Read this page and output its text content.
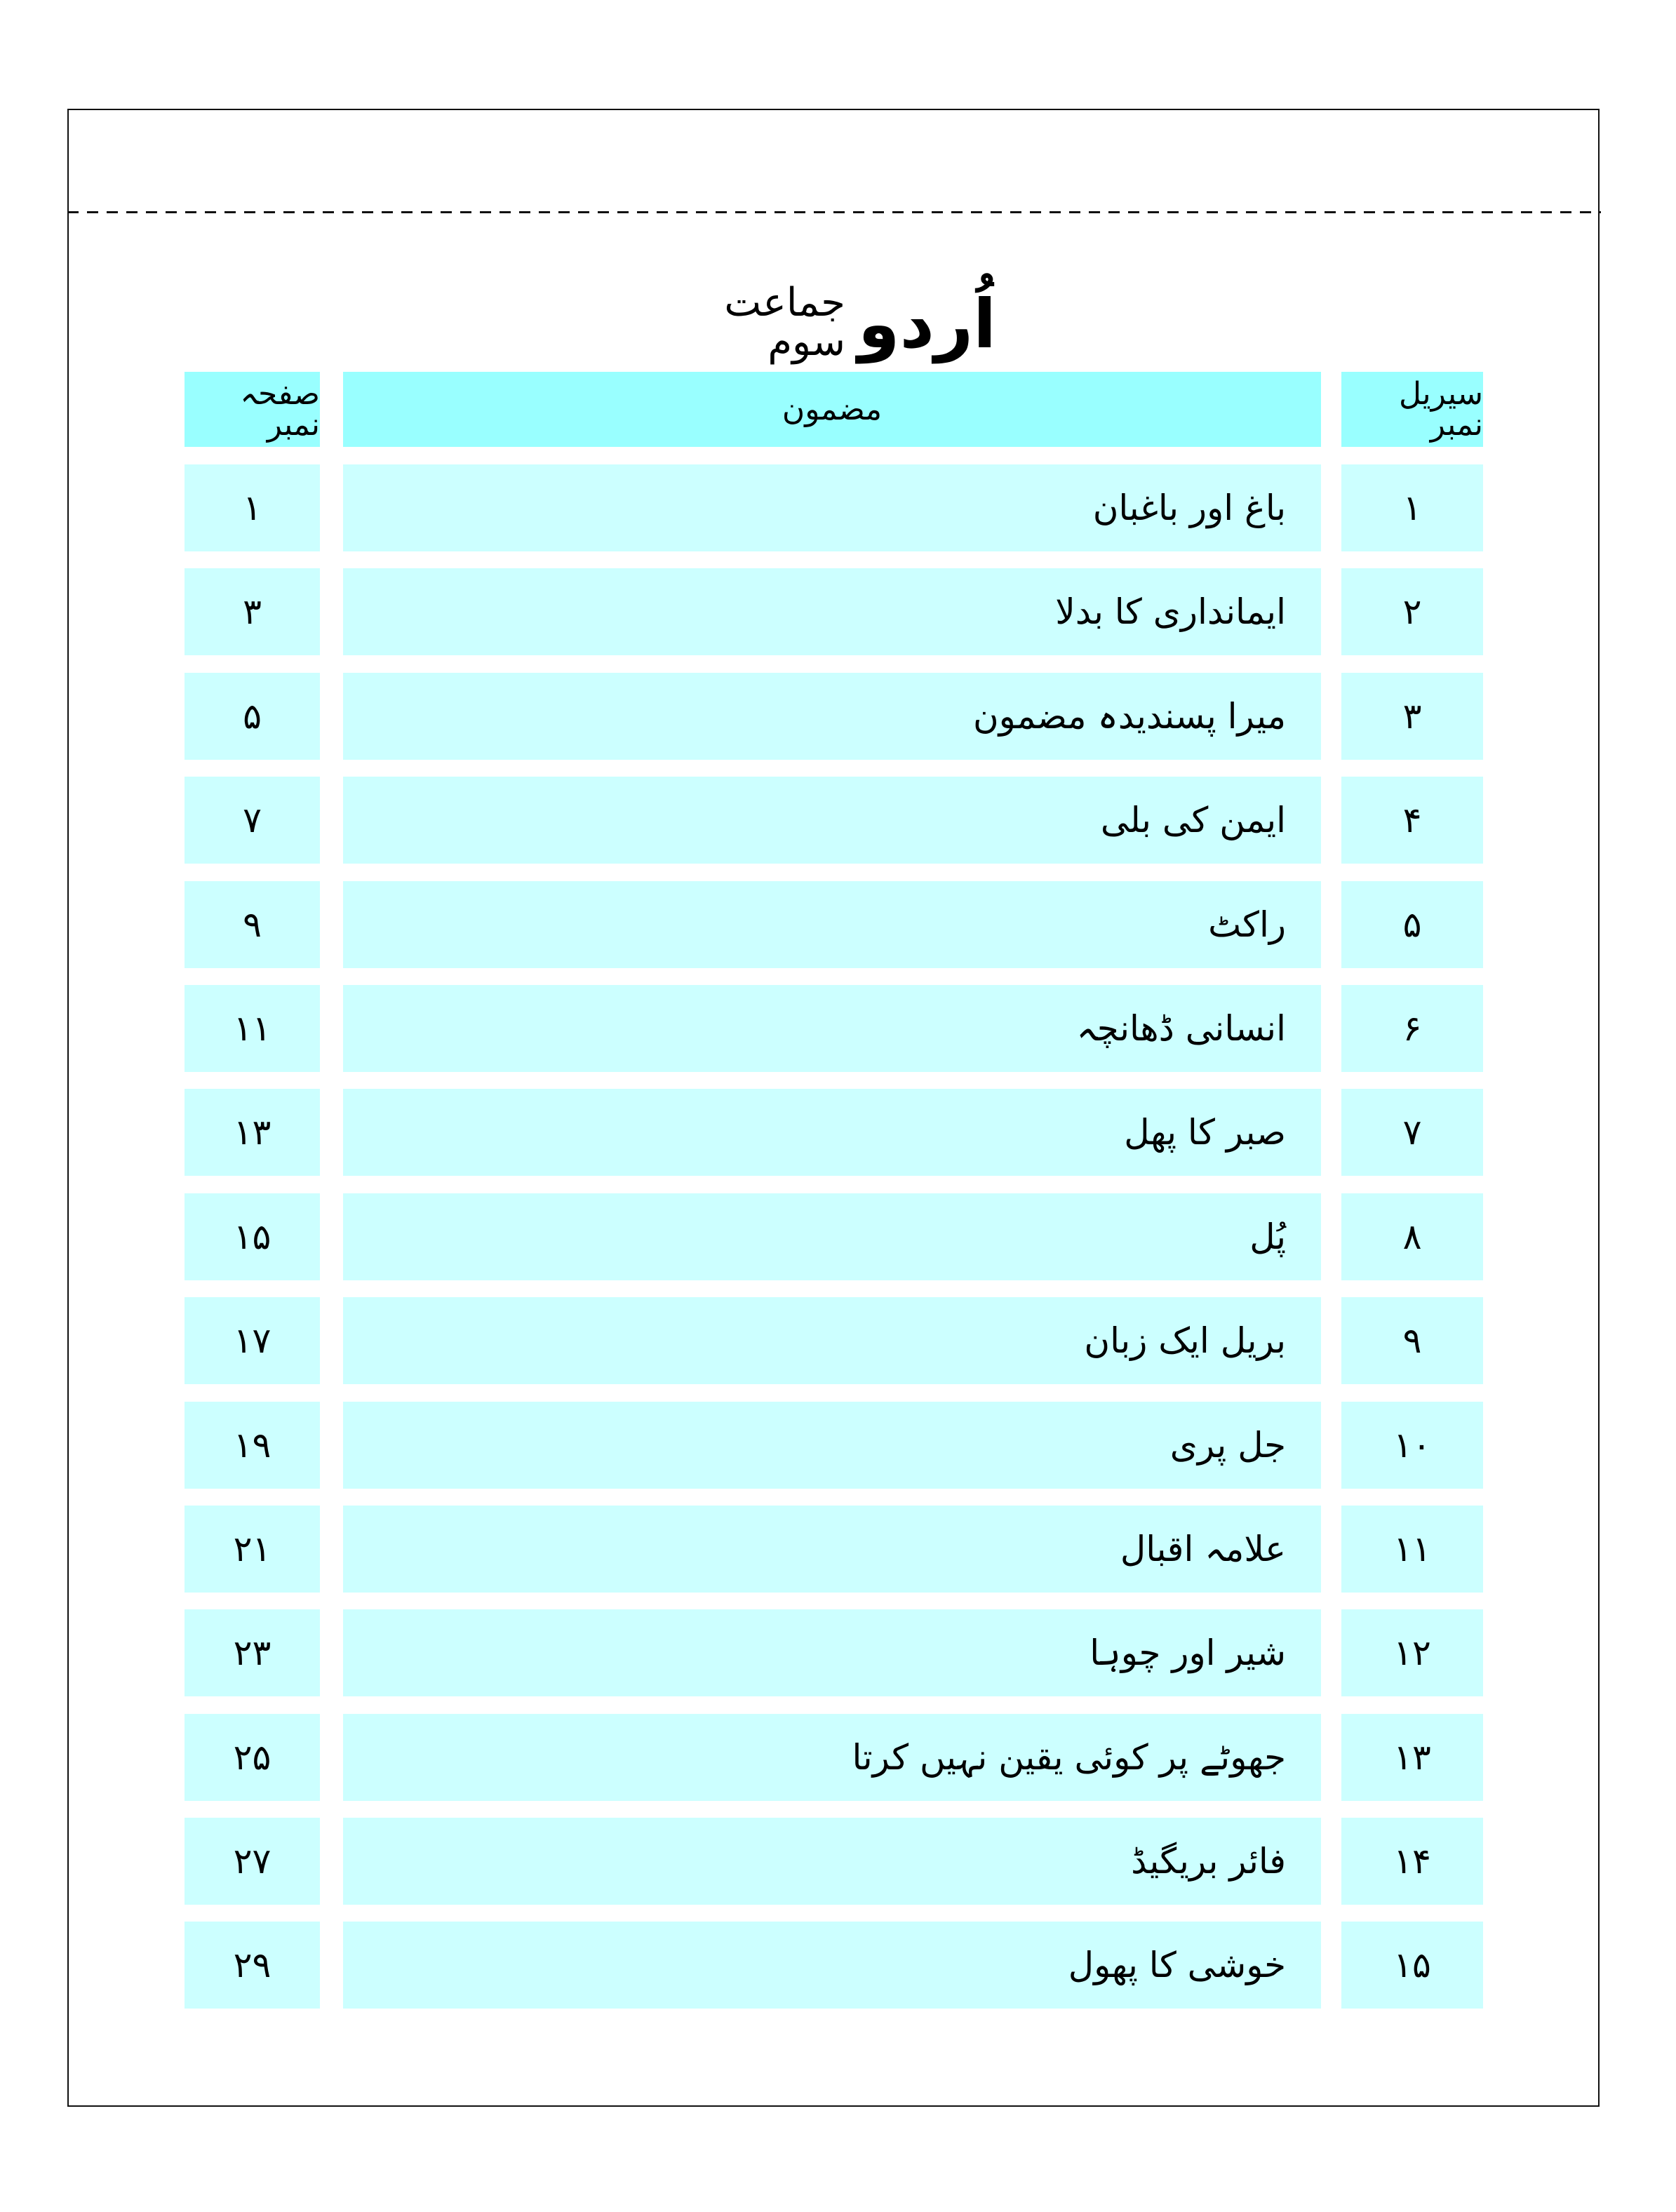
اُردو
جماعت سوم
سیریل نمبر
مضمون
صفحہ نمبر
۱
باغ اور باغبان
۱
۲
ایمانداری کا بدلا
۳
۳
میرا پسندیدہ مضمون
۵
۴
ایمن کی بلی
۷
۵
راکٹ
۹
۶
انسانی ڈھانچہ
۱۱
۷
صبر کا پھل
۱۳
۸
پُل
۱۵
۹
بریل ایک زبان
۱۷
۱۰
جل پری
۱۹
۱۱
علامہ اقبال
۲۱
۱۲
شیر اور چوہا
۲۳
۱۳
جھوٹے پر کوئی یقین نہیں کرتا
۲۵
۱۴
فائر بریگیڈ
۲۷
۱۵
خوشی کا پھول
۲۹
